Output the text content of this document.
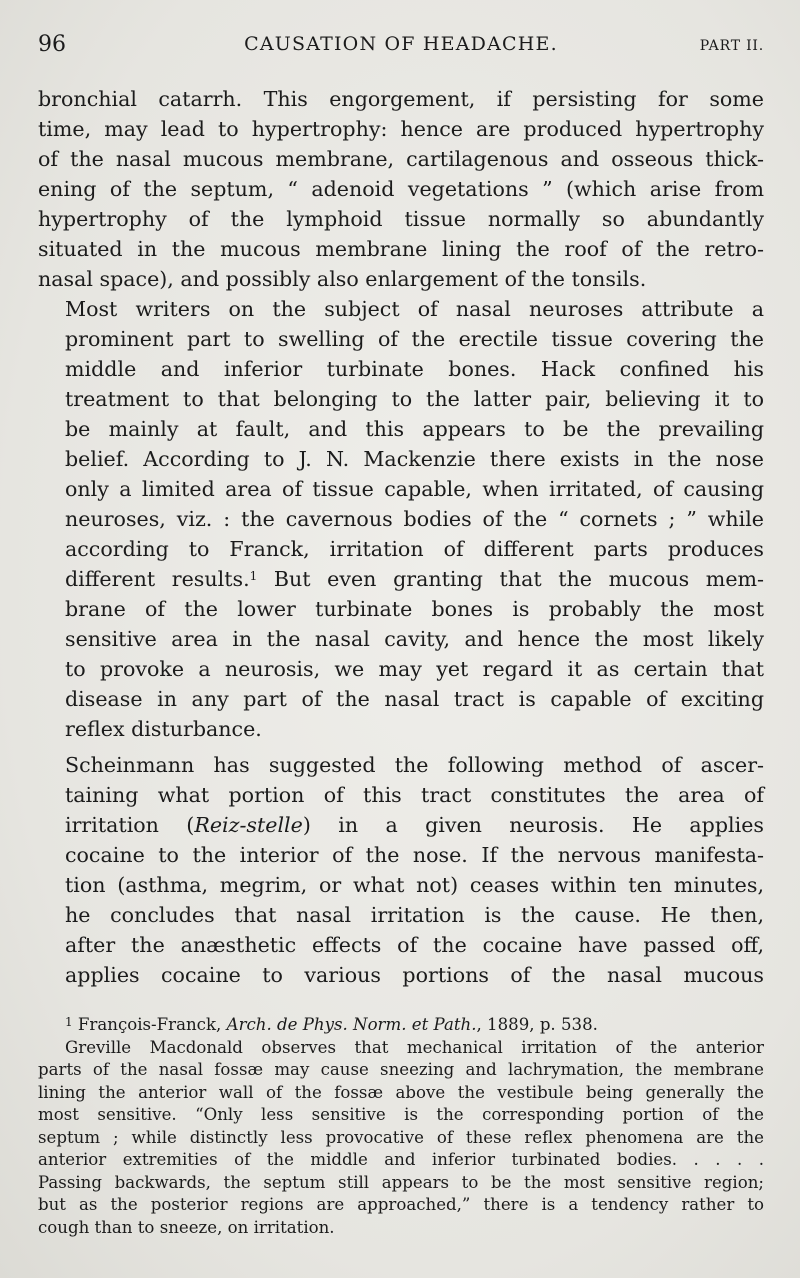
96	CAUSATION OF HEADACHE.	PART II.

bronchial catarrh. This engorgement, if persisting for some
time, may lead to hypertrophy: hence are produced hypertrophy
of the nasal mucous membrane, cartilagenous and osseous thick-
ening of the septum, “ adenoid vegetations ” (which arise from
hypertrophy of the lymphoid tissue normally so abundantly
situated in the mucous membrane lining the roof of the retro-
nasal space), and possibly also enlargement of the tonsils.

Most writers on the subject of nasal neuroses attribute a
prominent part to swelling of the erectile tissue covering the
middle and inferior turbinate bones. Hack confined his
treatment to that belonging to the latter pair, believing it to
be mainly at fault, and this appears to be the prevailing
belief. According to J. N. Mackenzie there exists in the nose
only a limited area of tissue capable, when irritated, of causing
neuroses, viz. : the cavernous bodies of the “ cornets ; ” while
according to Franck, irritation of different parts produces
different results.$^1$ But even granting that the mucous mem-
brane of the lower turbinate bones is probably the most
sensitive area in the nasal cavity, and hence the most likely
to provoke a neurosis, we may yet regard it as certain that
disease in any part of the nasal tract is capable of exciting
reflex disturbance.

Scheinmann has suggested the following method of ascer-
taining what portion of this tract constitutes the area of
irritation (Reiz-stelle) in a given neurosis. He applies
cocaine to the interior of the nose. If the nervous manifesta-
tion (asthma, megrim, or what not) ceases within ten minutes,
he concludes that nasal irritation is the cause. He then,
after the anæsthetic effects of the cocaine have passed off,
applies cocaine to various portions of the nasal mucous

$^1$ François-Franck, Arch. de Phys. Norm. et Path., 1889, p. 538.
Greville Macdonald observes that mechanical irritation of the anterior
parts of the nasal fossæ may cause sneezing and lachrymation, the membrane
lining the anterior wall of the fossæ above the vestibule being generally the
most sensitive. “Only less sensitive is the corresponding portion of the
septum ; while distinctly less provocative of these reflex phenomena are the
anterior extremities of the middle and inferior turbinated bodies. . . . .
Passing backwards, the septum still appears to be the most sensitive region;
but as the posterior regions are approached,” there is a tendency rather to
cough than to sneeze, on irritation.
